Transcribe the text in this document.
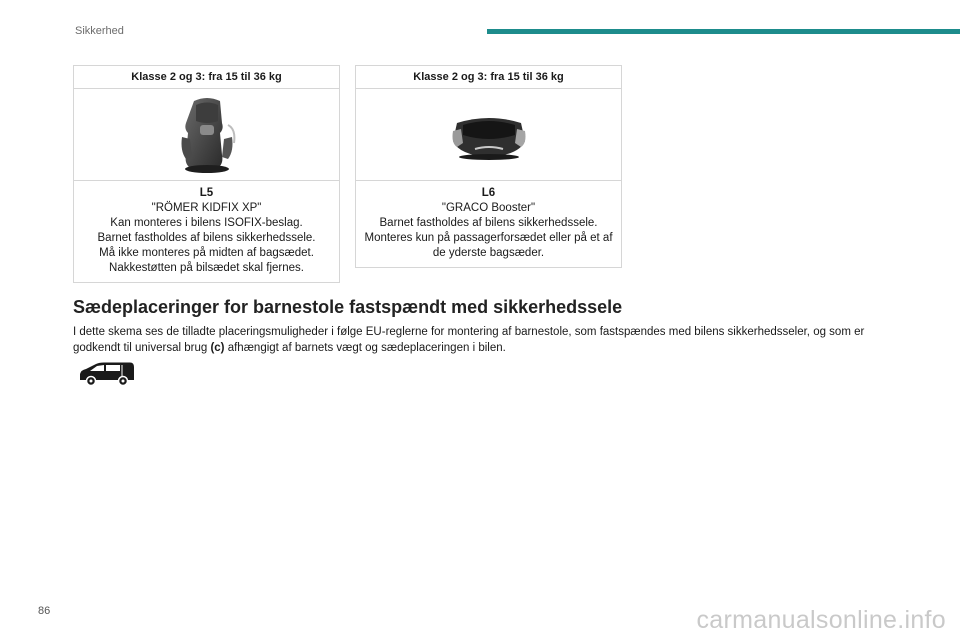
Sikkerhed
Klasse 2 og 3: fra 15 til 36 kg
L5
"RÖMER KIDFIX XP"
Kan monteres i bilens ISOFIX-beslag.
Barnet fastholdes af bilens sikkerhedssele.
Må ikke monteres på midten af bagsædet.
Nakkestøtten på bilsædet skal fjernes.
Klasse 2 og 3: fra 15 til 36 kg
L6
"GRACO Booster"
Barnet fastholdes af bilens sikkerhedssele.
Monteres kun på passagerforsædet eller på et af de yderste bagsæder.
Sædeplaceringer for barnestole fastspændt med sikkerhedssele
I dette skema ses de tilladte placeringsmuligheder i følge EU-reglerne for montering af barnestole, som fastspændes med bilens sikkerhedsseler, og som er godkendt til universal brug (c) afhængigt af barnets vægt og sædeplaceringen i bilen.
86	carmanualsonline.info
